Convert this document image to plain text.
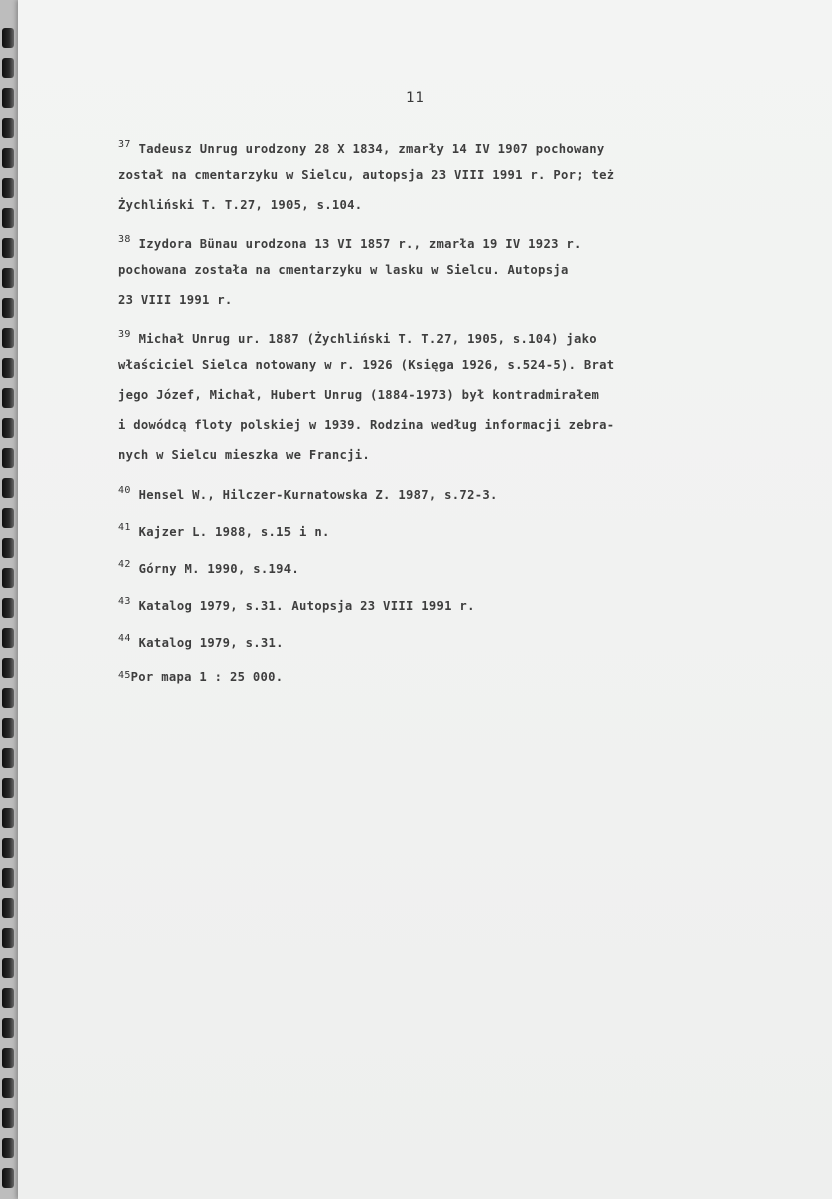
11
37 Tadeusz Unrug urodzony 28 X 1834, zmarły 14 IV 1907 pochowany
został na cmentarzyku w Sielcu, autopsja 23 VIII 1991 r. Por; też
Żychliński T. T.27, 1905, s.104.
38 Izydora Bünau urodzona 13 VI 1857 r., zmarła 19 IV 1923 r.
pochowana została na cmentarzyku w lasku w Sielcu. Autopsja
23 VIII 1991 r.
39 Michał Unrug ur. 1887 (Żychliński T. T.27, 1905, s.104) jako
właściciel Sielca notowany w r. 1926 (Księga 1926, s.524-5). Brat
jego Józef, Michał, Hubert Unrug (1884-1973) był kontradmirałem
i dowódcą floty polskiej w 1939. Rodzina według informacji zebra-
nych w Sielcu mieszka we Francji.
40 Hensel W., Hilczer-Kurnatowska Z. 1987, s.72-3.
41 Kajzer L. 1988, s.15 i n.
42 Górny M. 1990, s.194.
43 Katalog 1979, s.31. Autopsja 23 VIII 1991 r.
44 Katalog 1979, s.31.
45Por mapa 1 : 25 000.
